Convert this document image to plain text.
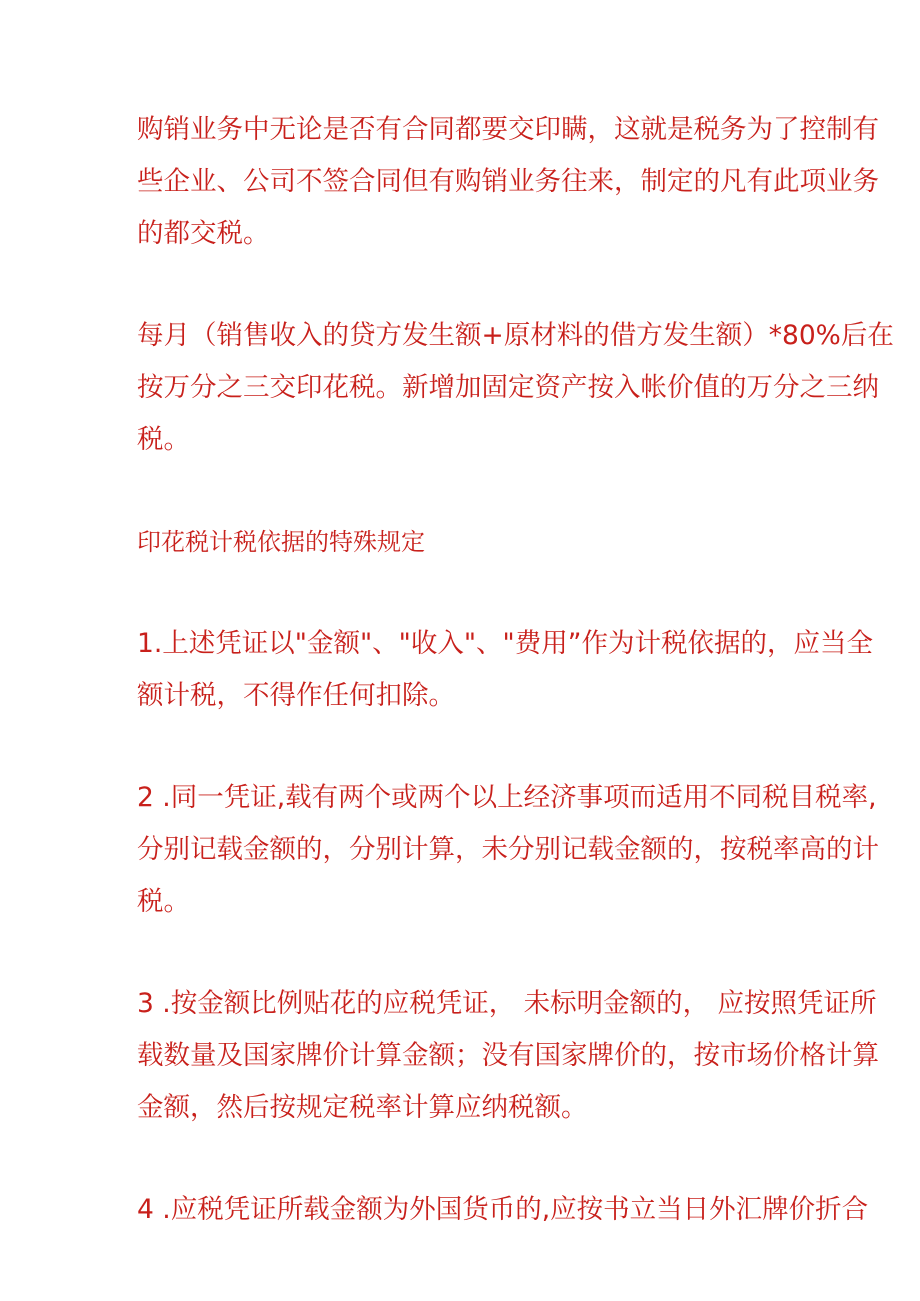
购销业务中无论是否有合同都要交印瞒，这就是税务为了控制有
些企业、公司不签合同但有购销业务往来，制定的凡有此项业务
的都交税。

每月（销售收入的贷方发生额+原材料的借方发生额）*80%后在
按万分之三交印花税。新增加固定资产按入帐价值的万分之三纳
税。

印花税计税依据的特殊规定

1.上述凭证以"金额"、"收入"、"费用”作为计税依据的，应当全
额计税，不得作任何扣除。

2 .同一凭证,载有两个或两个以上经济事项而适用不同税目税率,
分别记载金额的，分别计算，未分别记载金额的，按税率高的计
税。

3 .按金额比例贴花的应税凭证， 未标明金额的， 应按照凭证所
载数量及国家牌价计算金额；没有国家牌价的，按市场价格计算
金额，然后按规定税率计算应纳税额。

4 .应税凭证所载金额为外国货币的,应按书立当日外汇牌价折合
